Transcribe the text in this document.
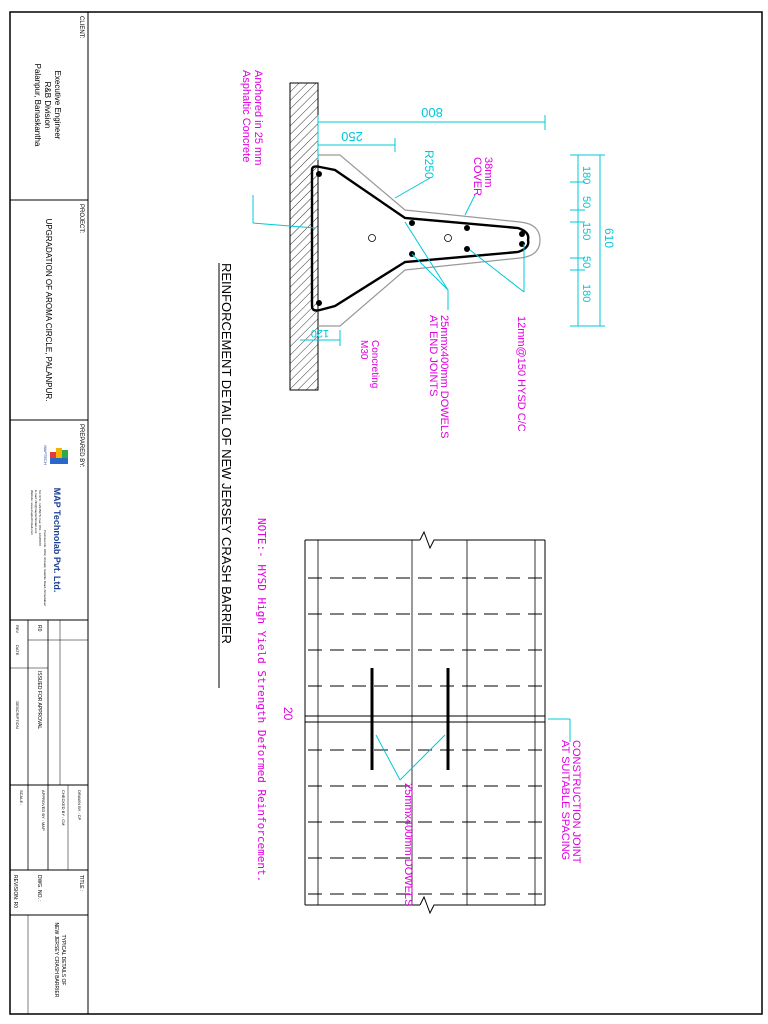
CLIENT:
Executive Engineer
R&B Division
Palanpur, Banaskantha
PROJECT:
UPGRADATION OF AROMA CIRCLE, PALANPUR.
PREPARED BY:
MAP Technolab Pvt. Ltd.
MAPTECH
Premises No. 1002, Shivalik, Satellite Road, Ahmedabad
Tel: 079 - 12345678, Fax: 079 - 12345678
E-mail: info@maptechnolab.com
Website: www.maptechnolab.com
R0
ISSUED FOR APPROVAL
REV
DATE
DESCRIPTION
DRAWN BY : CP
CHECKED BY : CM
APPROVED BY : MAP
SCALE :
TITLE :
TYPICAL DETAILS OF
NEW JERSEY CRASH BARRIER
DWG. NO. :
REVISION: R0
REINFORCEMENT DETAIL OF NEW JERSEY CRASH BARRIER
800
250
120
R250
610
180
50
150
50
180
38mm
COVER
Anchored in 25 mm
Asphaltic Concrete
12mm@150 HYSD C/C
25mmx400mm DOWELS
AT END JOINTS
Concreting
M30
20
CONSTRUCTION JOINT
AT SUITABLE SPACING
25mmx400mm DOWELS
NOTE:- HYSD High Yield Strength Deformed Reinforcement.
